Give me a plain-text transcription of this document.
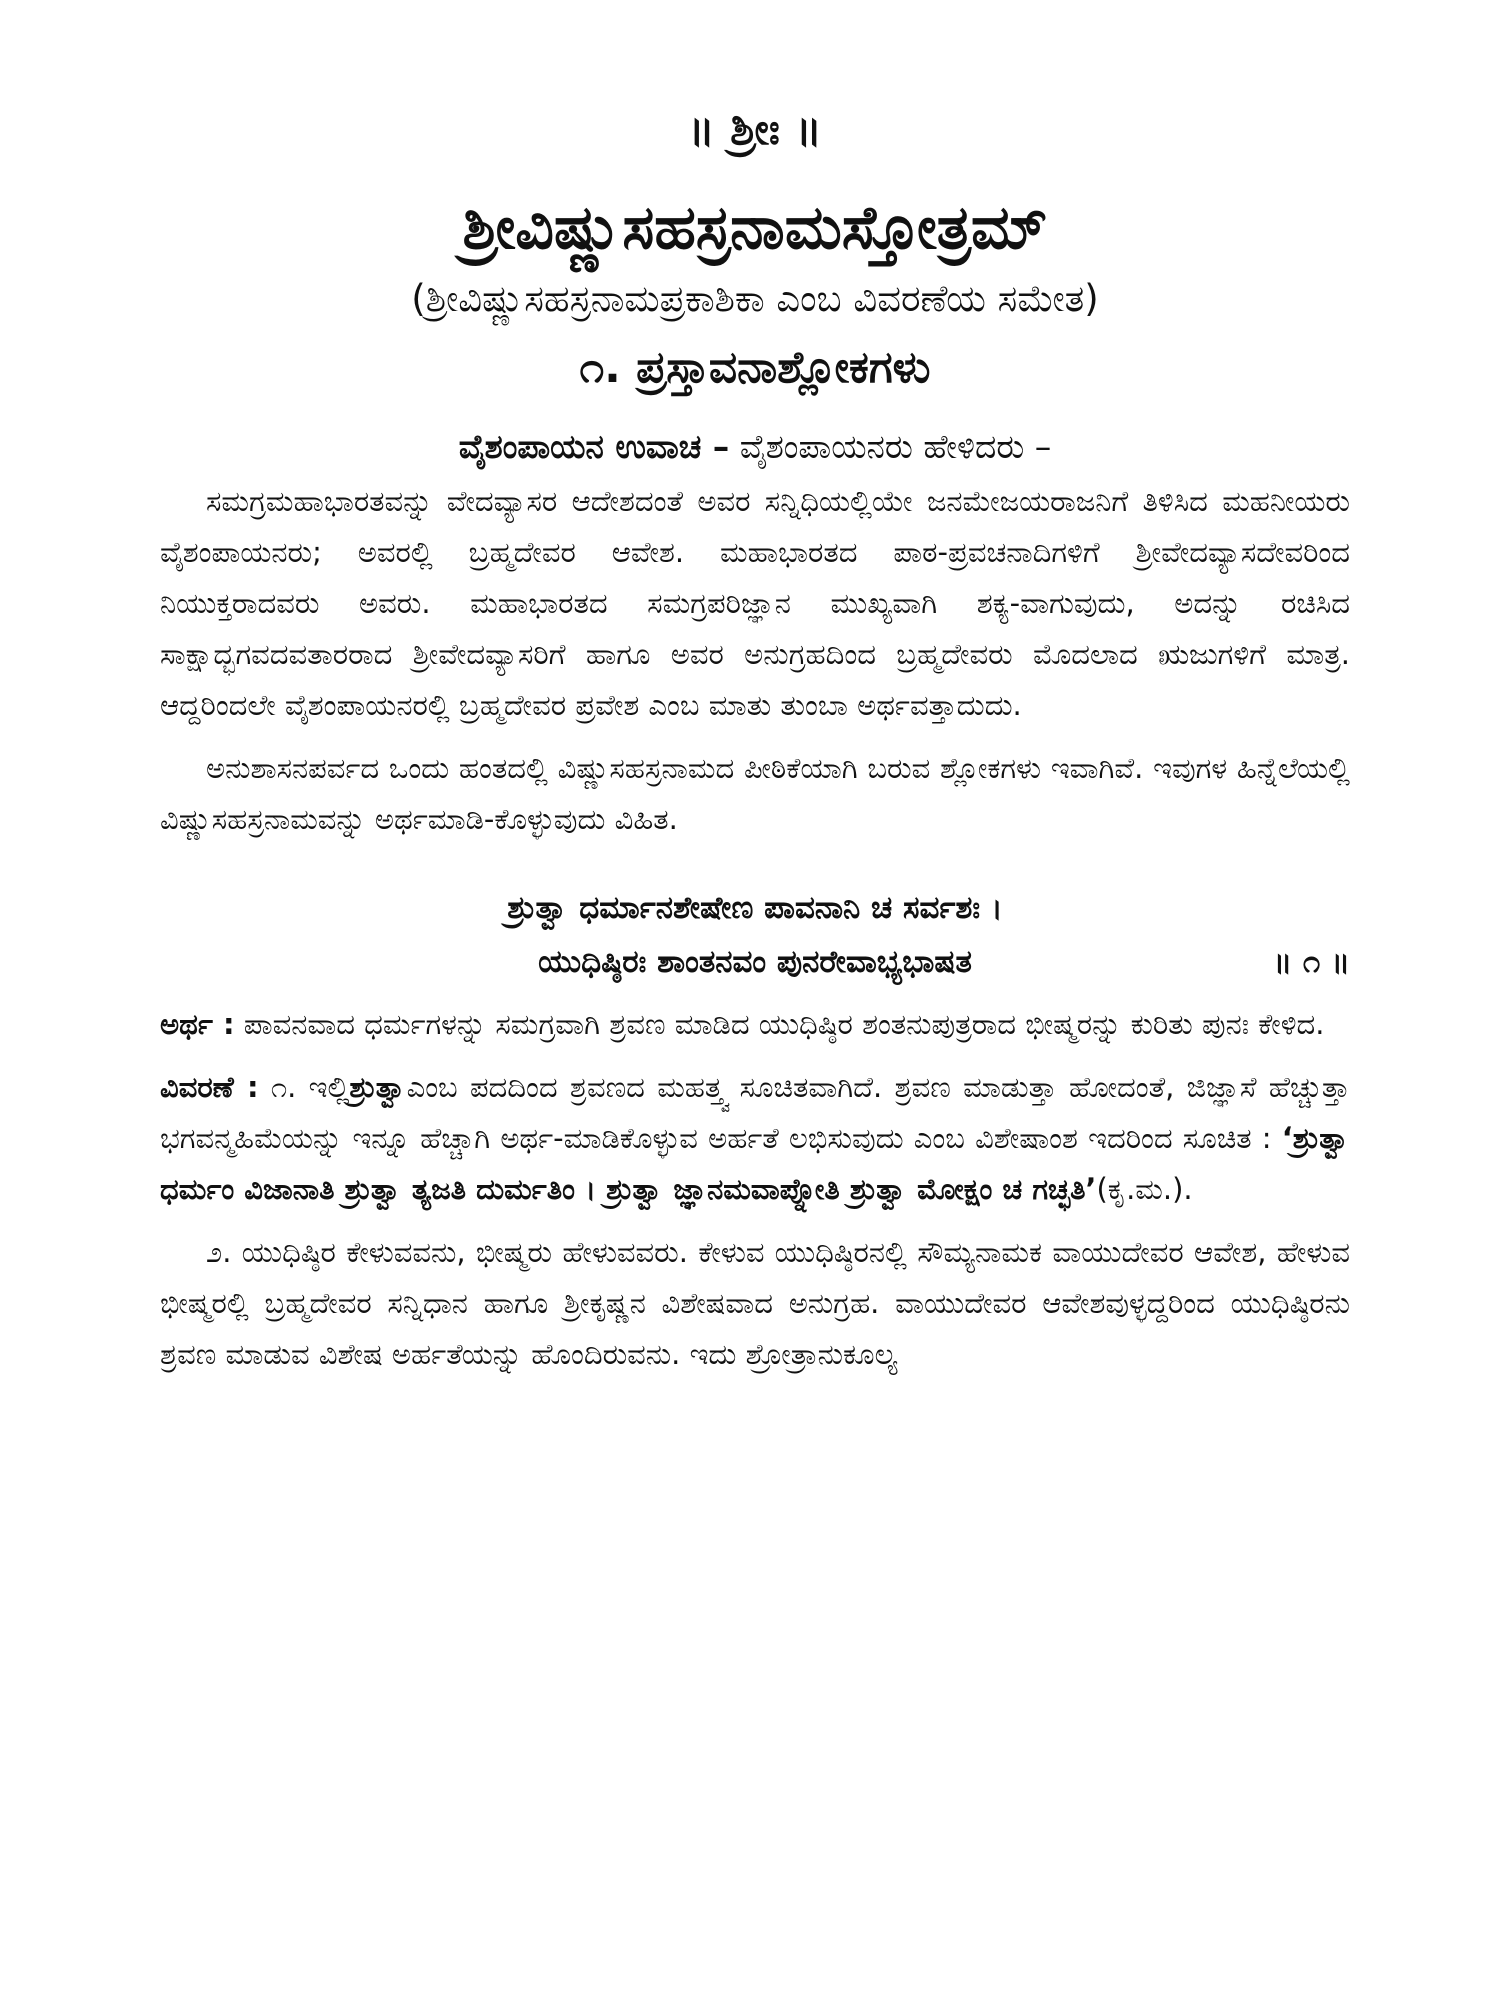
॥ ಶ್ರೀಃ ॥
ಶ್ರೀವಿಷ್ಣುಸಹಸ್ರನಾಮಸ್ತೋತ್ರಮ್
(ಶ್ರೀವಿಷ್ಣುಸಹಸ್ರನಾಮಪ್ರಕಾಶಿಕಾ ಎಂಬ ವಿವರಣೆಯ ಸಮೇತ)
೧. ಪ್ರಸ್ತಾವನಾಶ್ಲೋಕಗಳು
ವೈಶಂಪಾಯನ ಉವಾಚ – ವೈಶಂಪಾಯನರು ಹೇಳಿದರು –

ಸಮಗ್ರಮಹಾಭಾರತವನ್ನು ವೇದವ್ಯಾಸರ ಆದೇಶದಂತೆ ಅವರ ಸನ್ನಿಧಿಯಲ್ಲಿಯೇ ಜನಮೇಜಯರಾಜನಿಗೆ ತಿಳಿಸಿದ ಮಹನೀಯರು ವೈಶಂಪಾಯನರು; ಅವರಲ್ಲಿ ಬ್ರಹ್ಮದೇವರ ಆವೇಶ. ಮಹಾಭಾರತದ ಪಾಠ-ಪ್ರವಚನಾದಿಗಳಿಗೆ ಶ್ರೀವೇದವ್ಯಾಸದೇವರಿಂದ ನಿಯುಕ್ತರಾದವರು ಅವರು. ಮಹಾಭಾರತದ ಸಮಗ್ರಪರಿಜ್ಞಾನ ಮುಖ್ಯವಾಗಿ ಶಕ್ಯ-ವಾಗುವುದು, ಅದನ್ನು ರಚಿಸಿದ ಸಾಕ್ಷಾದ್ಭಗವದವತಾರರಾದ ಶ್ರೀವೇದವ್ಯಾಸರಿಗೆ ಹಾಗೂ ಅವರ ಅನುಗ್ರಹದಿಂದ ಬ್ರಹ್ಮದೇವರು ಮೊದಲಾದ ಋಜುಗಳಿಗೆ ಮಾತ್ರ. ಆದ್ದರಿಂದಲೇ ವೈಶಂಪಾಯನರಲ್ಲಿ ಬ್ರಹ್ಮದೇವರ ಪ್ರವೇಶ ಎಂಬ ಮಾತು ತುಂಬಾ ಅರ್ಥವತ್ತಾದುದು.

ಅನುಶಾಸನಪರ್ವದ ಒಂದು ಹಂತದಲ್ಲಿ ವಿಷ್ಣುಸಹಸ್ರನಾಮದ ಪೀಠಿಕೆಯಾಗಿ ಬರುವ ಶ್ಲೋಕಗಳು ಇವಾಗಿವೆ. ಇವುಗಳ ಹಿನ್ನೆಲೆಯಲ್ಲಿ ವಿಷ್ಣುಸಹಸ್ರನಾಮವನ್ನು ಅರ್ಥಮಾಡಿ-ಕೊಳ್ಳುವುದು ವಿಹಿತ.

ಶ್ರುತ್ವಾ ಧರ್ಮಾನಶೇಷೇಣ ಪಾವನಾನಿ ಚ ಸರ್ವಶಃ ।
ಯುಧಿಷ್ಠಿರಃ ಶಾಂತನವಂ ಪುನರೇವಾಭ್ಯಭಾಷತ	॥ ೧ ॥

ಅರ್ಥ : ಪಾವನವಾದ ಧರ್ಮಗಳನ್ನು ಸಮಗ್ರವಾಗಿ ಶ್ರವಣ ಮಾಡಿದ ಯುಧಿಷ್ಠಿರ ಶಂತನುಪುತ್ರರಾದ ಭೀಷ್ಮರನ್ನು ಕುರಿತು ಪುನಃ ಕೇಳಿದ.

ವಿವರಣೆ : ೧. ಇಲ್ಲಿಶ್ರುತ್ವಾಎಂಬ ಪದದಿಂದ ಶ್ರವಣದ ಮಹತ್ತ್ವ ಸೂಚಿತವಾಗಿದೆ. ಶ್ರವಣ ಮಾಡುತ್ತಾ ಹೋದಂತೆ, ಜಿಜ್ಞಾಸೆ ಹೆಚ್ಚುತ್ತಾ ಭಗವನ್ಮಹಿಮೆಯನ್ನು ಇನ್ನೂ ಹೆಚ್ಚಾಗಿ ಅರ್ಥ-ಮಾಡಿಕೊಳ್ಳುವ ಅರ್ಹತೆ ಲಭಿಸುವುದು ಎಂಬ ವಿಶೇಷಾಂಶ ಇದರಿಂದ ಸೂಚಿತ : ‘ಶ್ರುತ್ವಾ ಧರ್ಮಂ ವಿಜಾನಾತಿ ಶ್ರುತ್ವಾ ತ್ಯಜತಿ ದುರ್ಮತಿಂ । ಶ್ರುತ್ವಾ ಜ್ಞಾನಮವಾಪ್ನೋತಿ ಶ್ರುತ್ವಾ ಮೋಕ್ಷಂ ಚ ಗಚ್ಛತಿ’(ಕೃ.ಮ.).

೨. ಯುಧಿಷ್ಠಿರ ಕೇಳುವವನು, ಭೀಷ್ಮರು ಹೇಳುವವರು. ಕೇಳುವ ಯುಧಿಷ್ಠಿರನಲ್ಲಿ ಸೌಮ್ಯನಾಮಕ ವಾಯುದೇವರ ಆವೇಶ, ಹೇಳುವ ಭೀಷ್ಮರಲ್ಲಿ ಬ್ರಹ್ಮದೇವರ ಸನ್ನಿಧಾನ ಹಾಗೂ ಶ್ರೀಕೃಷ್ಣನ ವಿಶೇಷವಾದ ಅನುಗ್ರಹ. ವಾಯುದೇವರ ಆವೇಶವುಳ್ಳದ್ದರಿಂದ ಯುಧಿಷ್ಠಿರನು ಶ್ರವಣ ಮಾಡುವ ವಿಶೇಷ ಅರ್ಹತೆಯನ್ನು ಹೊಂದಿರುವನು. ಇದು ಶ್ರೋತ್ರಾನುಕೂಲ್ಯ
